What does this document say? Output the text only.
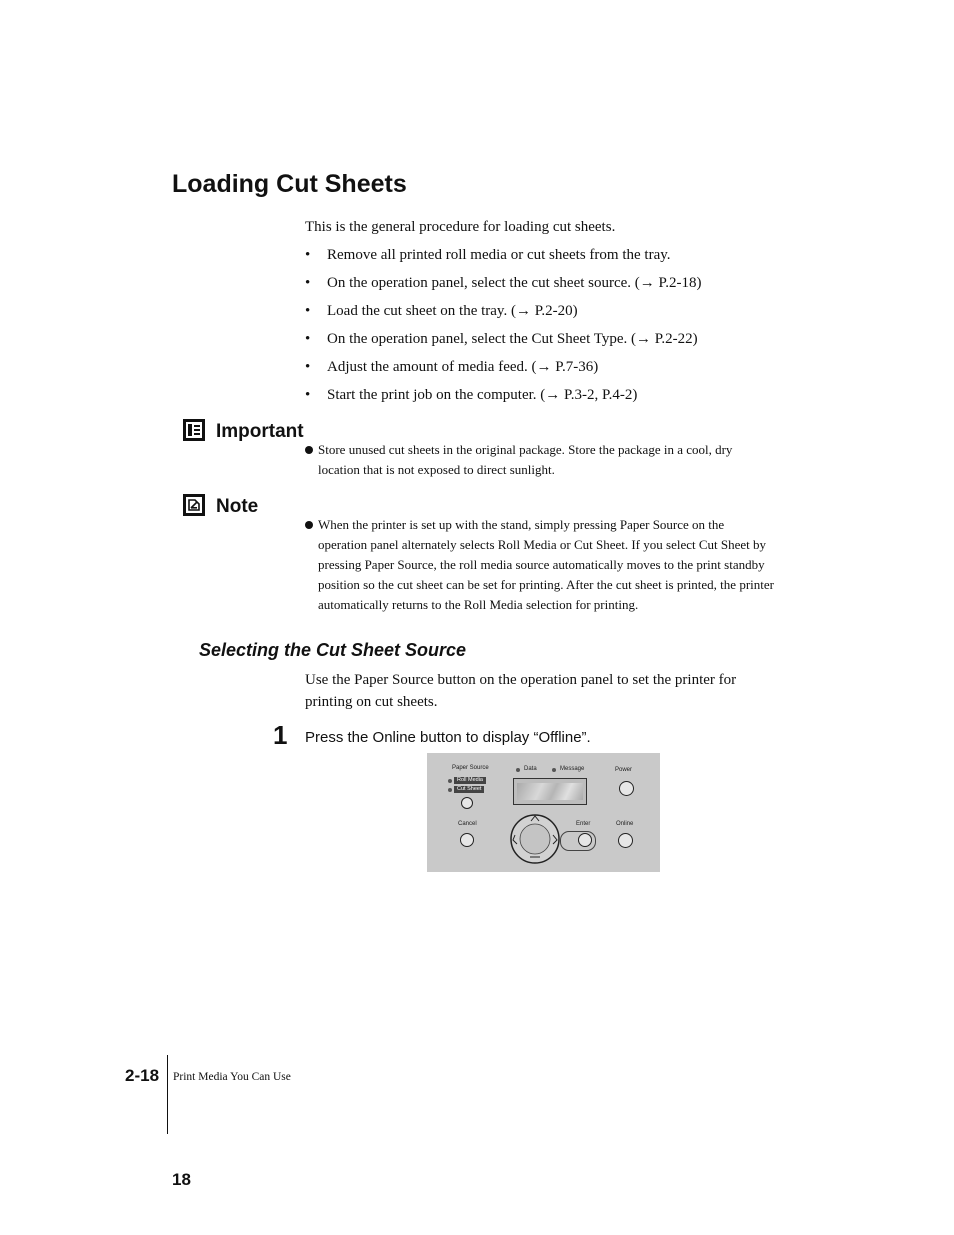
Loading Cut Sheets
This is the general procedure for loading cut sheets.
• Remove all printed roll media or cut sheets from the tray.
• On the operation panel, select the cut sheet source. (→ P.2-18)
• Load the cut sheet on the tray. (→ P.2-20)
• On the operation panel, select the Cut Sheet Type. (→ P.2-22)
• Adjust the amount of media feed. (→ P.7-36)
• Start the print job on the computer. (→ P.3-2, P.4-2)
Important
Store unused cut sheets in the original package. Store the package in a cool, dry location that is not exposed to direct sunlight.
Note
When the printer is set up with the stand, simply pressing Paper Source on the operation panel alternately selects Roll Media or Cut Sheet. If you select Cut Sheet by pressing Paper Source, the roll media source automatically moves to the print standby position so the cut sheet can be set for printing. After the cut sheet is printed, the printer automatically returns to the Roll Media selection for printing.
Selecting the Cut Sheet Source
Use the Paper Source button on the operation panel to set the printer for printing on cut sheets.
1 Press the Online button to display “Offline”.
Paper Source
Roll Media
Cut Sheet
Data	Message	Power
Cancel	Enter	Online
2-18 Print Media You Can Use
18
